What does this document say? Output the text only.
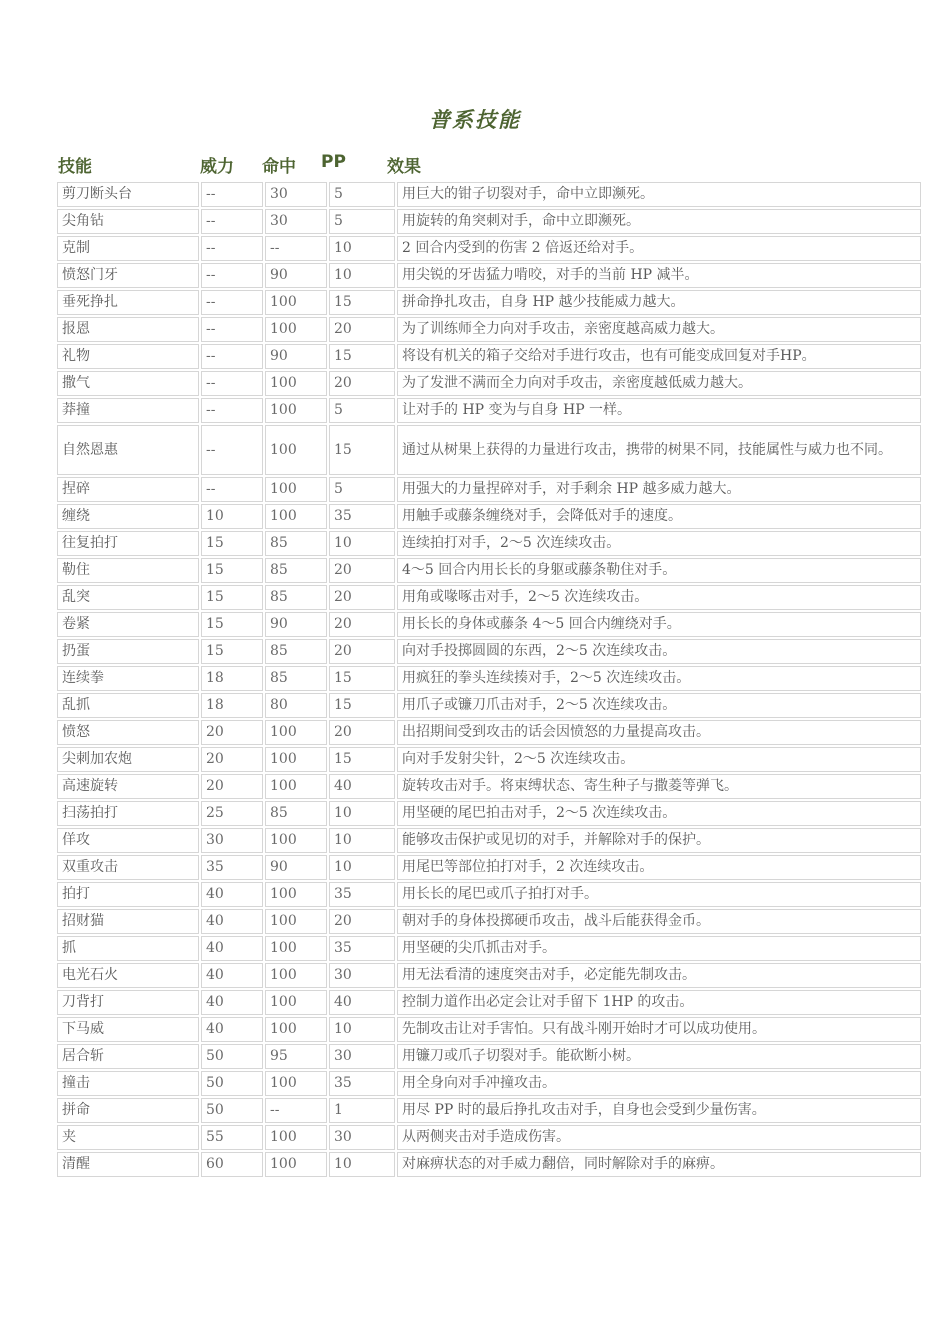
普系技能
技能	威力 命中 PP 效果
剪刀断头台	--	30	5	用巨大的钳子切裂对手，命中立即濒死。
尖角钻	--	30	5	用旋转的角突刺对手，命中立即濒死。
克制	--	--	10	2 回合内受到的伤害 2 倍返还给对手。
愤怒门牙	--	90	10	用尖锐的牙齿猛力啃咬，对手的当前 HP 减半。
垂死挣扎	--	100	15	拼命挣扎攻击，自身 HP 越少技能威力越大。
报恩	--	100	20	为了训练师全力向对手攻击，亲密度越高威力越大。
礼物	--	90	15	将设有机关的箱子交给对手进行攻击，也有可能变成回复对手HP。
撒气	--	100	20	为了发泄不满而全力向对手攻击，亲密度越低威力越大。
莽撞	--	100	5	让对手的 HP 变为与自身 HP 一样。
自然恩惠	--	100	15	通过从树果上获得的力量进行攻击，携带的树果不同，技能属性与威力也不同。
捏碎	--	100	5	用强大的力量捏碎对手，对手剩余 HP 越多威力越大。
缠绕	10	100	35	用触手或藤条缠绕对手，会降低对手的速度。
往复拍打	15	85	10	连续拍打对手，2～5 次连续攻击。
勒住	15	85	20	4～5 回合内用长长的身躯或藤条勒住对手。
乱突	15	85	20	用角或喙啄击对手，2～5 次连续攻击。
卷紧	15	90	20	用长长的身体或藤条 4～5 回合内缠绕对手。
扔蛋	15	85	20	向对手投掷圆圆的东西，2～5 次连续攻击。
连续拳	18	85	15	用疯狂的拳头连续揍对手，2～5 次连续攻击。
乱抓	18	80	15	用爪子或镰刀爪击对手，2～5 次连续攻击。
愤怒	20	100	20	出招期间受到攻击的话会因愤怒的力量提高攻击。
尖刺加农炮	20	100	15	向对手发射尖针，2～5 次连续攻击。
高速旋转	20	100	40	旋转攻击对手。将束缚状态、寄生种子与撒菱等弹飞。
扫荡拍打	25	85	10	用坚硬的尾巴拍击对手，2～5 次连续攻击。
佯攻	30	100	10	能够攻击保护或见切的对手，并解除对手的保护。
双重攻击	35	90	10	用尾巴等部位拍打对手，2 次连续攻击。
拍打	40	100	35	用长长的尾巴或爪子拍打对手。
招财猫	40	100	20	朝对手的身体投掷硬币攻击，战斗后能获得金币。
抓	40	100	35	用坚硬的尖爪抓击对手。
电光石火	40	100	30	用无法看清的速度突击对手，必定能先制攻击。
刀背打	40	100	40	控制力道作出必定会让对手留下 1HP 的攻击。
下马威	40	100	10	先制攻击让对手害怕。只有战斗刚开始时才可以成功使用。
居合斩	50	95	30	用镰刀或爪子切裂对手。能砍断小树。
撞击	50	100	35	用全身向对手冲撞攻击。
拼命	50	--	1	用尽 PP 时的最后挣扎攻击对手，自身也会受到少量伤害。
夹	55	100	30	从两侧夹击对手造成伤害。
清醒	60	100	10	对麻痹状态的对手威力翻倍，同时解除对手的麻痹。
